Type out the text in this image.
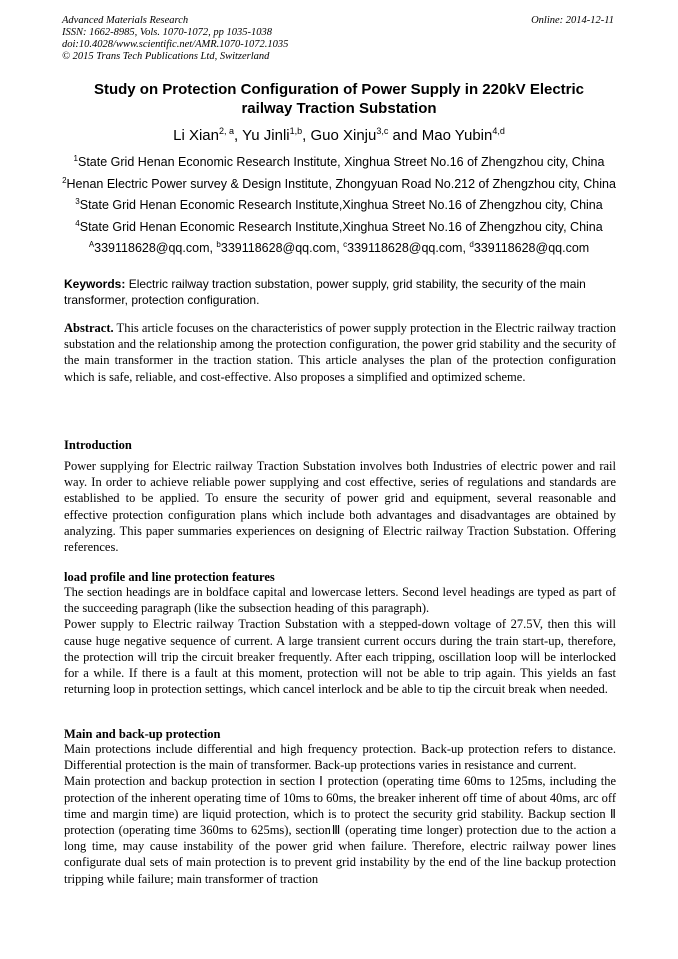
Advanced Materials Research
ISSN: 1662-8985, Vols. 1070-1072, pp 1035-1038
doi:10.4028/www.scientific.net/AMR.1070-1072.1035
© 2015 Trans Tech Publications Ltd, Switzerland
Online: 2014-12-11
Study on Protection Configuration of Power Supply in 220kV Electric
railway Traction Substation
Li Xian$^{2, a}$, Yu Jinli$^{1,b}$, Guo Xinju$^{3,c}$ and Mao Yubin$^{4,d}$
$^1$State Grid Henan Economic Research Institute, Xinghua Street No.16 of Zhengzhou city, China
$^2$Henan Electric Power survey & Design Institute, Zhongyuan Road No.212 of Zhengzhou city, China
$^3$State Grid Henan Economic Research Institute,Xinghua Street No.16 of Zhengzhou city, China
$^4$State Grid Henan Economic Research Institute,Xinghua Street No.16 of Zhengzhou city, China
$^A$339118628@qq.com, $^b$339118628@qq.com, $^c$339118628@qq.com, $^d$339118628@qq.com
Keywords: Electric railway traction substation, power supply, grid stability, the security of the main transformer, protection configuration.
Abstract. This article focuses on the characteristics of power supply protection in the Electric railway traction substation and the relationship among the protection configuration, the power grid stability and the security of the main transformer in the traction station. This article analyses the plan of the protection configuration which is safe, reliable, and cost-effective. Also proposes a simplified and optimized scheme.
Introduction

Power supplying for Electric railway Traction Substation involves both Industries of electric power and rail way. In order to achieve reliable power supplying and cost effective, series of regulations and standards are established to be applied. To ensure the security of power grid and equipment, several reasonable and effective protection configuration plans which include both advantages and disadvantages are obtained by analyzing. This paper summaries experiences on designing of Electric railway Traction Substation. Offering references.

load profile and line protection features

The section headings are in boldface capital and lowercase letters. Second level headings are typed as part of the succeeding paragraph (like the subsection heading of this paragraph).

Power supply to Electric railway Traction Substation with a stepped-down voltage of 27.5V, then this will cause huge negative sequence of current. A large transient current occurs during the train start-up, therefore, the protection will trip the circuit breaker frequently. After each tripping, oscillation loop will be interlocked for a while. If there is a fault at this moment, protection will not be able to trip again. This yields an fast returning loop in protection settings, which cancel interlock and be able to tip the circuit break when needed.

Main and back-up protection

Main protections include differential and high frequency protection. Back-up protection refers to distance. Differential protection is the main of transformer. Back-up protections varies in resistance and current.

Main protection and backup protection in section Ⅰ protection (operating time 60ms to 125ms, including the protection of the inherent operating time of 10ms to 60ms, the breaker inherent off time of about 40ms, arc off time and margin time) are liquid protection, which is to protect the security grid stability. Backup section Ⅱ protection (operating time 360ms to 625ms), sectionⅢ (operating time longer) protection due to the action a long time, may cause instability of the power grid when failure. Therefore, electric railway power lines configurate dual sets of main protection is to prevent grid instability by the end of the line backup protection tripping while failure; main transformer of traction
